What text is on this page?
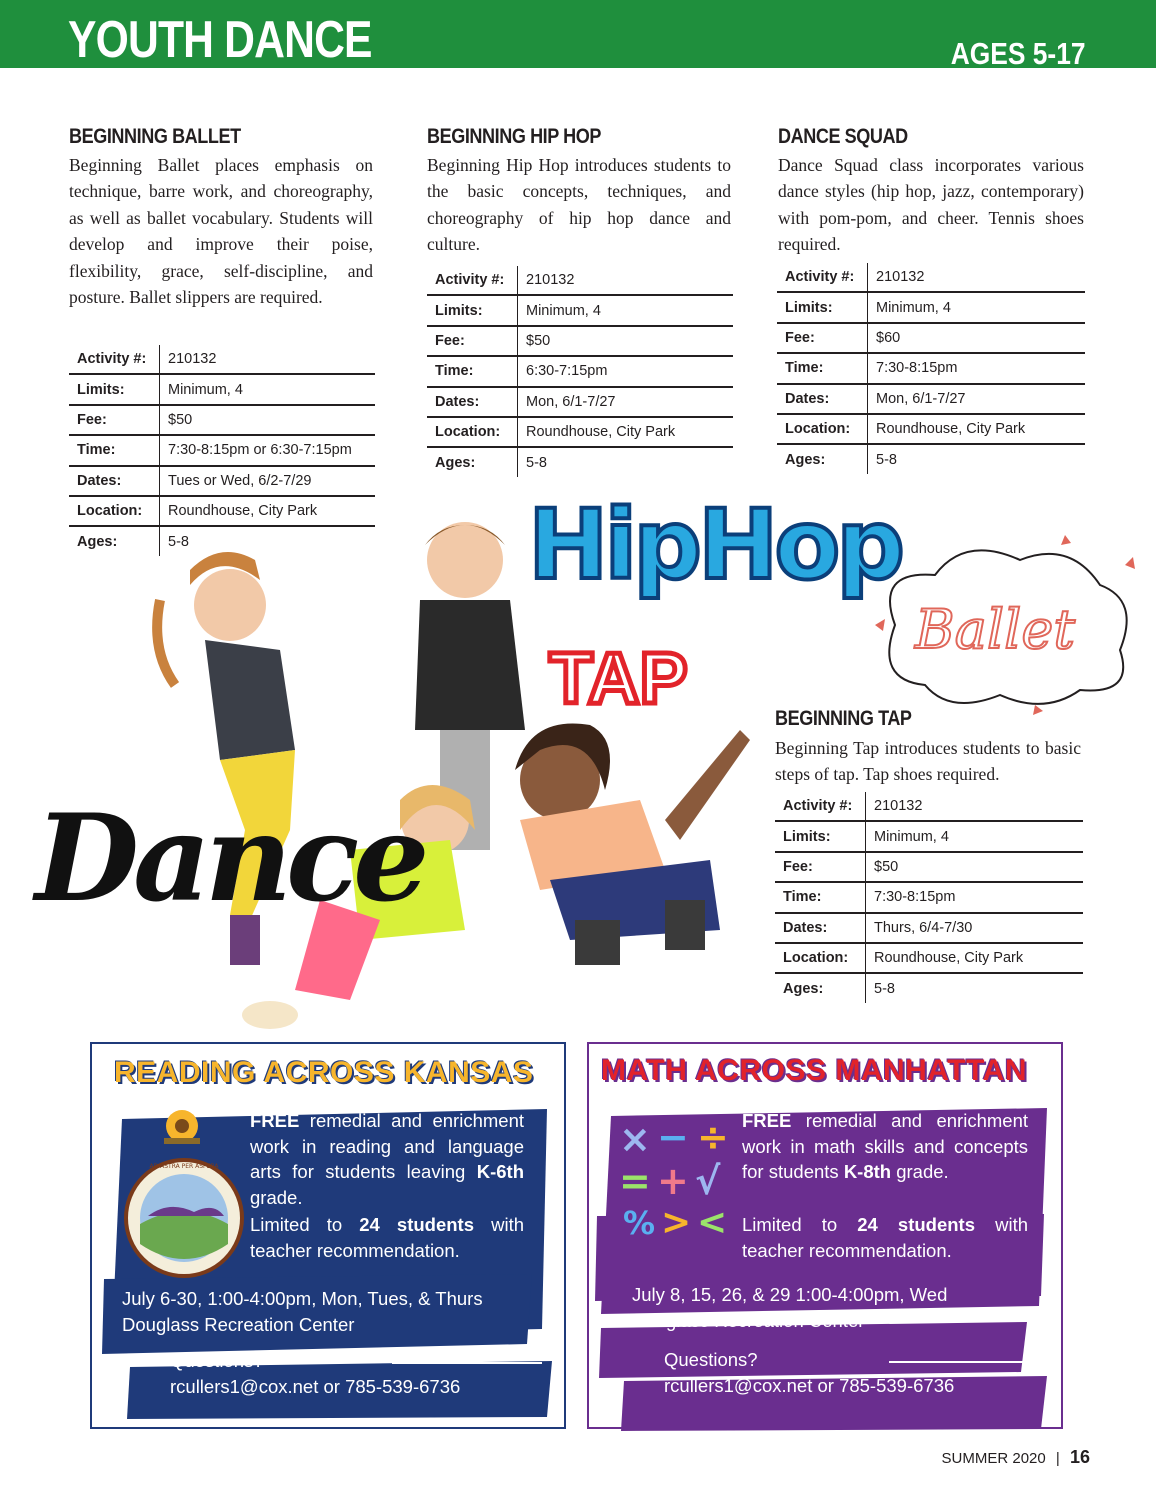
YOUTH DANCE	AGES 5-17
BEGINNING BALLET
Beginning Ballet places emphasis on technique, barre work, and choreography, as well as ballet vocabulary. Students will develop and improve their poise, flexibility, grace, self-discipline, and posture. Ballet slippers are required.
Activity #:	210132
Limits:	Minimum, 4
Fee:	$50
Time:	7:30-8:15pm or 6:30-7:15pm
Dates:	Tues or Wed, 6/2-7/29
Location:	Roundhouse, City Park
Ages:	5-8
BEGINNING HIP HOP
Beginning Hip Hop introduces students to the basic concepts, techniques, and choreography of hip hop dance and culture.
Activity #:	210132
Limits:	Minimum, 4
Fee:	$50
Time:	6:30-7:15pm
Dates:	Mon, 6/1-7/27
Location:	Roundhouse, City Park
Ages:	5-8
DANCE SQUAD
Dance Squad class incorporates various dance styles (hip hop, jazz, contemporary) with pom-pom, and cheer. Tennis shoes required.
Activity #:	210132
Limits:	Minimum, 4
Fee:	$60
Time:	7:30-8:15pm
Dates:	Mon, 6/1-7/27
Location:	Roundhouse, City Park
Ages:	5-8
HipHop
TAP
Ballet
Dance
BEGINNING TAP
Beginning Tap introduces students to basic steps of tap. Tap shoes required.
Activity #:	210132
Limits:	Minimum, 4
Fee:	$50
Time:	7:30-8:15pm
Dates:	Thurs, 6/4-7/30
Location:	Roundhouse, City Park
Ages:	5-8
READING ACROSS KANSAS
AD ASTRA PER ASPERA
FREE remedial and enrichment work in reading and language arts for students leaving K-6th grade.
Limited to 24 students with teacher recommendation.
July 6-30, 1:00-4:00pm, Mon, Tues, & Thurs
Douglass Recreation Center
Questions?
rcullers1@cox.net or 785-539-6736
MATH ACROSS MANHATTAN
× − ÷
= + √
% > <
FREE remedial and enrichment work in math skills and concepts for students K-8th grade.
Limited to 24 students with teacher recommendation.
July 8, 15, 26, & 29 1:00-4:00pm, Wed
Douglass Recreation Center
Questions?
rcullers1@cox.net or 785-539-6736
SUMMER 2020 | 16
